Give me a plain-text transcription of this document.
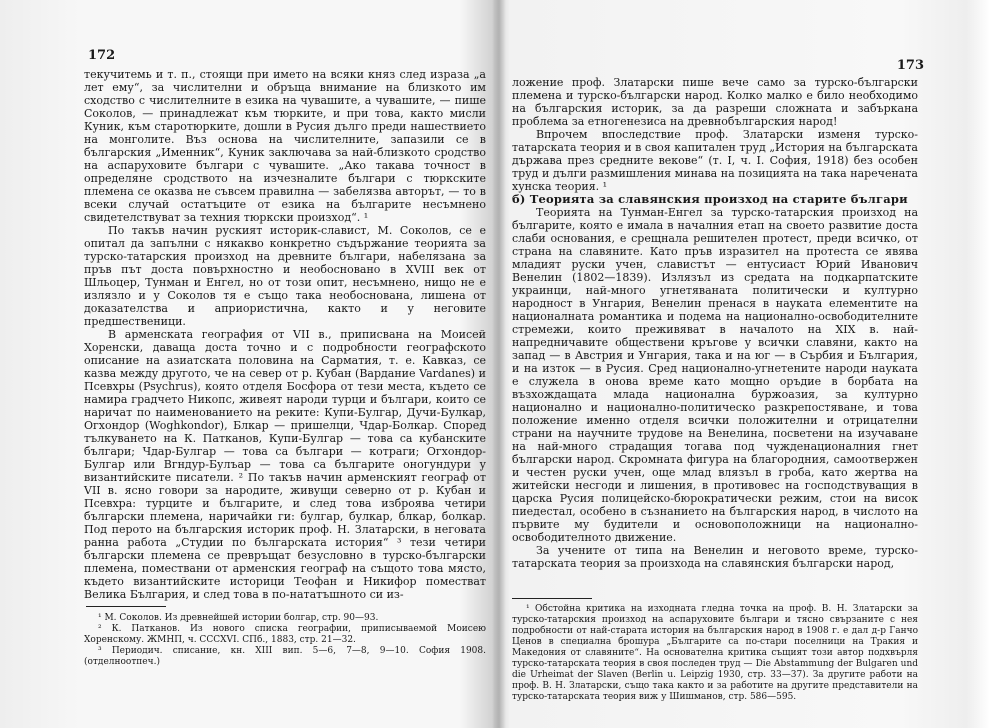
172

текучитемь и т. п., стоящи при името на всяки княз след израза „а лет ему“, за числителни и обръща внимание на близкото им сходство с числителните в езика на чувашите, а чувашите, — пише Соколов, — принадлежат към тюрките, и при това, както мисли Куник, към старотюрките, дошли в Русия дълго преди нашествието на монголите. Въз основа на числителните, запазили се в българския „Именник“, Куник заключава за най-близкото сродство на аспаруховите българи с чувашите. „Ако такава точност в определяне сродството на изчезналите българи с тюркските племена се оказва не съвсем правилна — забелязва авторът, — то в всеки случай остатъците от езика на българите несъмнено свидетелствуват за техния тюркски произход“. ¹

По такъв начин руският историк-славист, М. Соколов, се е опитал да запълни с някакво конкретно съдържание теорията за турско-татарския произход на древните българи, набелязана за пръв път доста повърхностно и необосновано в XVIII век от Шльоцер, Тунман и Енгел, но от този опит, несъмнено, нищо не е излязло и у Соколов тя е също така необоснована, лишена от доказателства и априористична, както и у неговите предшественици.

В арменската география от VII в., приписвана на Моисей Хоренски, даваща доста точно и с подробности географското описание на азиатската половина на Сарматия, т. е. Кавказ, се казва между другото, че на север от р. Кубан (Вардание Vardanes) и Псевхры (Psychrus), която отделя Босфора от тези места, където се намира градчето Никопс, живеят народи турци и българи, които се наричат по наименованието на реките: Купи-Булгар, Дучи-Булкар, Огхондор (Woghkondor), Блкар — пришелци, Чдар-Болкар. Според тълкуването на К. Патканов, Купи-Булгар — това са кубанските българи; Чдар-Булгар — това са българи — котраги; Огхондор-Булгар или Вгндур-Булъар — това са българите оногундури у византийските писатели. ² По такъв начин арменският географ от VII в. ясно говори за народите, живущи северно от р. Кубан и Псевхра: турците и българите, и след това изброява четири български племена, наричайки ги: булгар, булкар, блкар, болкар. Под перото на българския историк проф. Н. Златарски, в неговата ранна работа „Студии по българската история“ ³ тези четири български племена се превръщат безусловно в турско-български племена, помествани от арменския географ на същото това място, където византийските историци Теофан и Никифор поместват Велика България, и след това в по-нататъшното си из-

¹ М. Соколов. Из древнейшей истории болгар, стр. 90—93.

² К. Патканов. Из нового списка географии, приписываемой Моисею Хоренскому. ЖМНП, ч. СССХVI. СПб., 1883, стр. 21—32.

³ Периодич. списание, кн. XIII вип. 5—6, 7—8, 9—10. София 1908. (отделноотпеч.)

173

ложение проф. Златарски пише вече само за турско-български племена и турско-български народ. Колко малко е било необходимо на българския историк, за да разреши сложната и забъркана проблема за етногенезиса на древнобългарския народ!

Впрочем впоследствие проф. Златарски изменя турско-татарската теория и в своя капитален труд „История на българската държава през средните векове“ (т. І, ч. І. София, 1918) без особен труд и дълги размишления минава на позицията на така наречената хунска теория. ¹

б) Теорията за славянския произход на старите българи

Теорията на Тунман-Енгел за турско-татарския произход на българите, която е имала в началния етап на своето развитие доста слаби основания, е срещнала решителен протест, преди всичко, от страна на славяните. Като пръв изразител на протеста се явява младият руски учен, славистът — ентусиаст Юрий Иванович Венелин (1802—1839). Излязъл из средата на подкарпатските украинци, най-много угнетяваната политически и културно народност в Унгария, Венелин пренася в науката елементите на националната романтика и подема на национално-освободителните стремежи, които преживяват в началото на XIX в. най-напредничавите обществени кръгове у всички славяни, както на запад — в Австрия и Унгария, така и на юг — в Сърбия и България, и на изток — в Русия. Сред национално-угнетените народи науката е служела в онова време като мощно оръдие в борбата на възхождащата млада национална буржоазия, за културно национално и национално-политическо разкрепостяване, и това положение именно отделя всички положителни и отрицателни страни на научните трудове на Венелина, посветени на изучаване на най-много страдащия тогава под чужденационалния гнет български народ. Скромната фигура на благородния, самоотвержен и честен руски учен, още млад влязъл в гроба, като жертва на житейски несгоди и лишения, в противовес на господствуващия в царска Русия полицейско-бюрократически режим, стои на висок пиедестал, особено в съзнанието на българския народ, в числото на първите му будители и основоположници на национално-освободителното движение.

За учените от типа на Венелин и неговото време, турско-татарската теория за произхода на славянския български народ,

¹ Обстойна критика на изходната гледна точка на проф. В. Н. Златарски за турско-татарския произход на аспаруховите българи и тясно свързаните с нея подробности от най-старата история на българския народ в 1908 г. е дал д-р Ганчо Ценов в специална брошура „Българите са по-стари поселници на Тракия и Македония от славяните“. На основателна критика същият този автор подхвърля турско-татарската теория в своя последен труд — Die Abstammung der Bulgaren und die Urheimat der Slaven (Berlin u. Leipzig 1930, стр. 33—37). За другите работи на проф. В. Н. Златарски, също така както и за работите на другите представители на турско-татарската теория виж у Шишманов, стр. 586—595.
